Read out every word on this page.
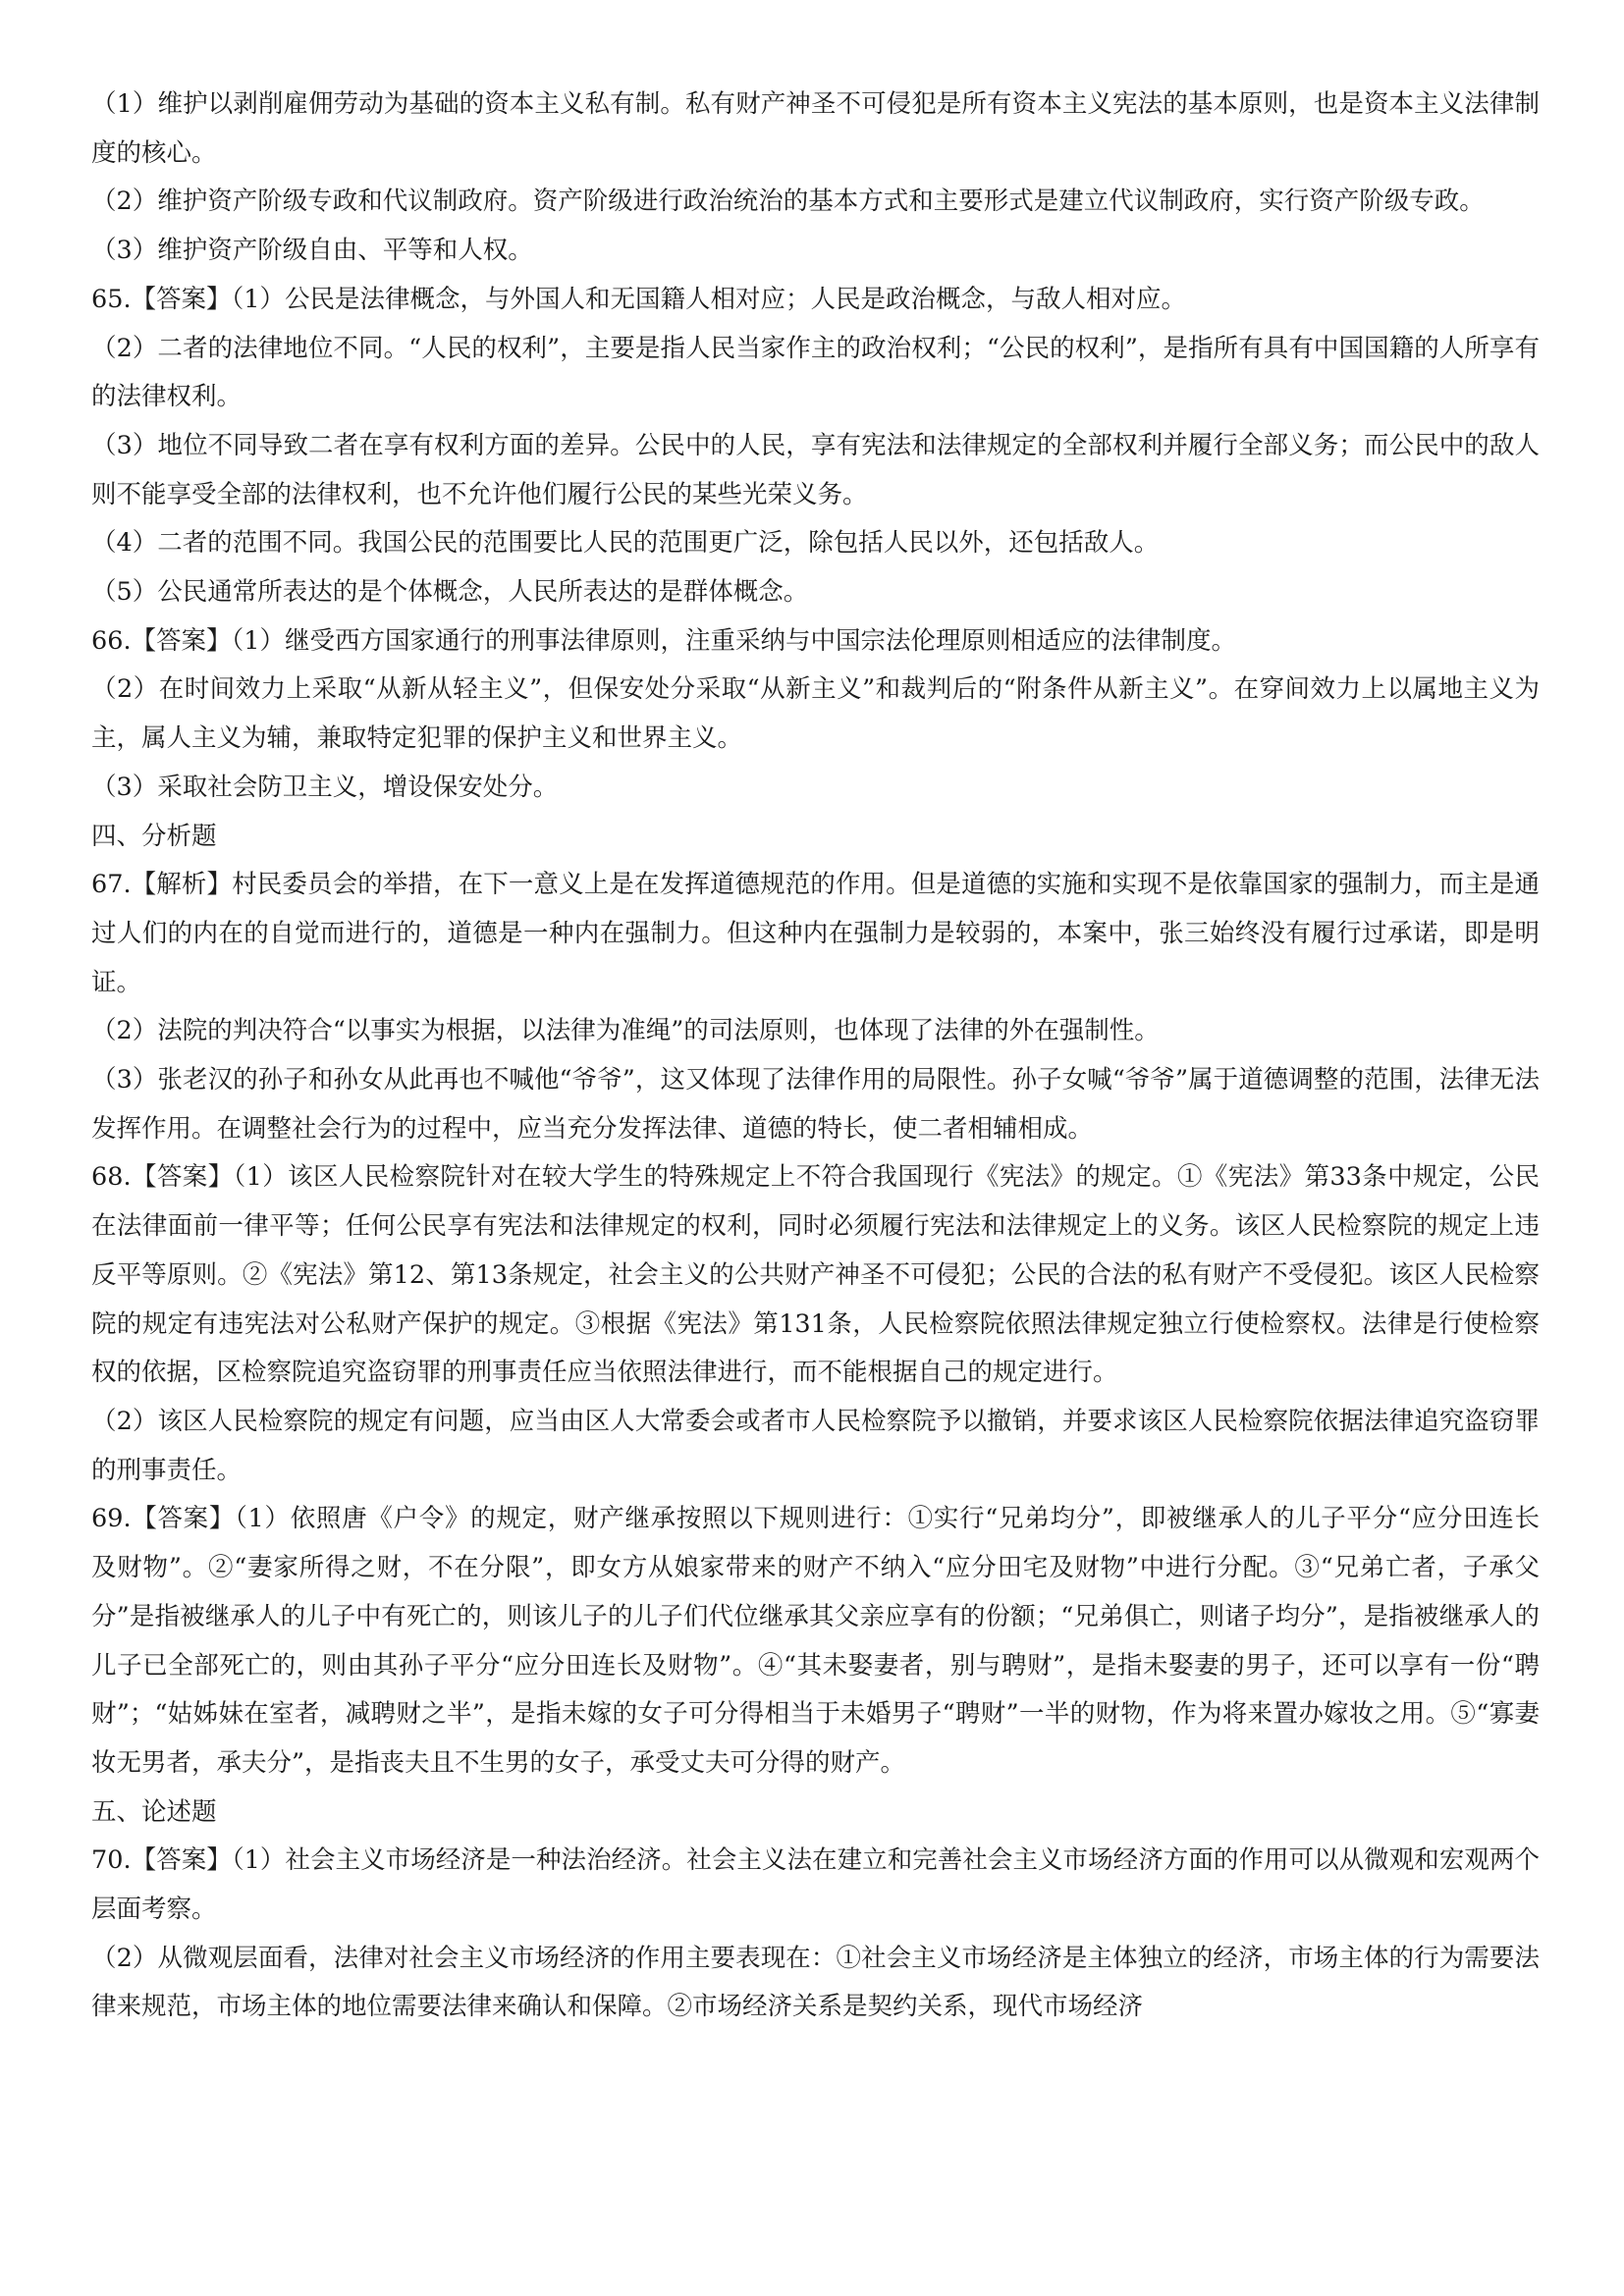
（1）维护以剥削雇佣劳动为基础的资本主义私有制。私有财产神圣不可侵犯是所有资本主义宪法的基本原则，也是资本主义法律制度的核心。

（2）维护资产阶级专政和代议制政府。资产阶级进行政治统治的基本方式和主要形式是建立代议制政府，实行资产阶级专政。

（3）维护资产阶级自由、平等和人权。

65.【答案】（1）公民是法律概念，与外国人和无国籍人相对应；人民是政治概念，与敌人相对应。

（2）二者的法律地位不同。“人民的权利”，主要是指人民当家作主的政治权利；“公民的权利”，是指所有具有中国国籍的人所享有的法律权利。

（3）地位不同导致二者在享有权利方面的差异。公民中的人民，享有宪法和法律规定的全部权利并履行全部义务；而公民中的敌人则不能享受全部的法律权利，也不允许他们履行公民的某些光荣义务。

（4）二者的范围不同。我国公民的范围要比人民的范围更广泛，除包括人民以外，还包括敌人。

（5）公民通常所表达的是个体概念，人民所表达的是群体概念。

66.【答案】（1）继受西方国家通行的刑事法律原则，注重采纳与中国宗法伦理原则相适应的法律制度。

（2）在时间效力上采取“从新从轻主义”，但保安处分采取“从新主义”和裁判后的“附条件从新主义”。在穿间效力上以属地主义为主，属人主义为辅，兼取特定犯罪的保护主义和世界主义。

（3）采取社会防卫主义，增设保安处分。

四、分析题

67.【解析】村民委员会的举措，在下一意义上是在发挥道德规范的作用。但是道德的实施和实现不是依靠国家的强制力，而主是通过人们的内在的自觉而进行的，道德是一种内在强制力。但这种内在强制力是较弱的，本案中，张三始终没有履行过承诺，即是明证。

（2）法院的判决符合“以事实为根据，以法律为准绳”的司法原则，也体现了法律的外在强制性。

（3）张老汉的孙子和孙女从此再也不喊他“爷爷”，这又体现了法律作用的局限性。孙子女喊“爷爷”属于道德调整的范围，法律无法发挥作用。在调整社会行为的过程中，应当充分发挥法律、道德的特长，使二者相辅相成。

68.【答案】（1）该区人民检察院针对在较大学生的特殊规定上不符合我国现行《宪法》的规定。①《宪法》第33条中规定，公民在法律面前一律平等；任何公民享有宪法和法律规定的权利，同时必须履行宪法和法律规定上的义务。该区人民检察院的规定上违反平等原则。②《宪法》第12、第13条规定，社会主义的公共财产神圣不可侵犯；公民的合法的私有财产不受侵犯。该区人民检察院的规定有违宪法对公私财产保护的规定。③根据《宪法》第131条，人民检察院依照法律规定独立行使检察权。法律是行使检察权的依据，区检察院追究盗窃罪的刑事责任应当依照法律进行，而不能根据自己的规定进行。

（2）该区人民检察院的规定有问题，应当由区人大常委会或者市人民检察院予以撤销，并要求该区人民检察院依据法律追究盗窃罪的刑事责任。

69.【答案】（1）依照唐《户令》的规定，财产继承按照以下规则进行：①实行“兄弟均分”，即被继承人的儿子平分“应分田连长　 及财物”。②“妻家所得之财，不在分限”，即女方从娘家带来的财产不纳入“应分田宅及财物”中进行分配。③“兄弟亡者，子承父分”是指被继承人的儿子中有死亡的，则该儿子的儿子们代位继承其父亲应享有的份额；“兄弟俱亡，则诸子均分”，是指被继承人的儿子已全部死亡的，则由其孙子平分“应分田连长及财物”。④“其未娶妻者，别与聘财”，是指未娶妻的男子，还可以享有一份“聘财”；“姑姊妹在室者，减聘财之半”，是指未嫁的女子可分得相当于未婚男子“聘财”一半的财物，作为将来置办嫁妆之用。⑤“寡妻妆无男者，承夫分”，是指丧夫且不生男的女子，承受丈夫可分得的财产。

五、论述题

70.【答案】（1）社会主义市场经济是一种法治经济。社会主义法在建立和完善社会主义市场经济方面的作用可以从微观和宏观两个层面考察。

（2）从微观层面看，法律对社会主义市场经济的作用主要表现在：①社会主义市场经济是主体独立的经济，市场主体的行为需要法律来规范，市场主体的地位需要法律来确认和保障。②市场经济关系是契约关系，现代市场经济
